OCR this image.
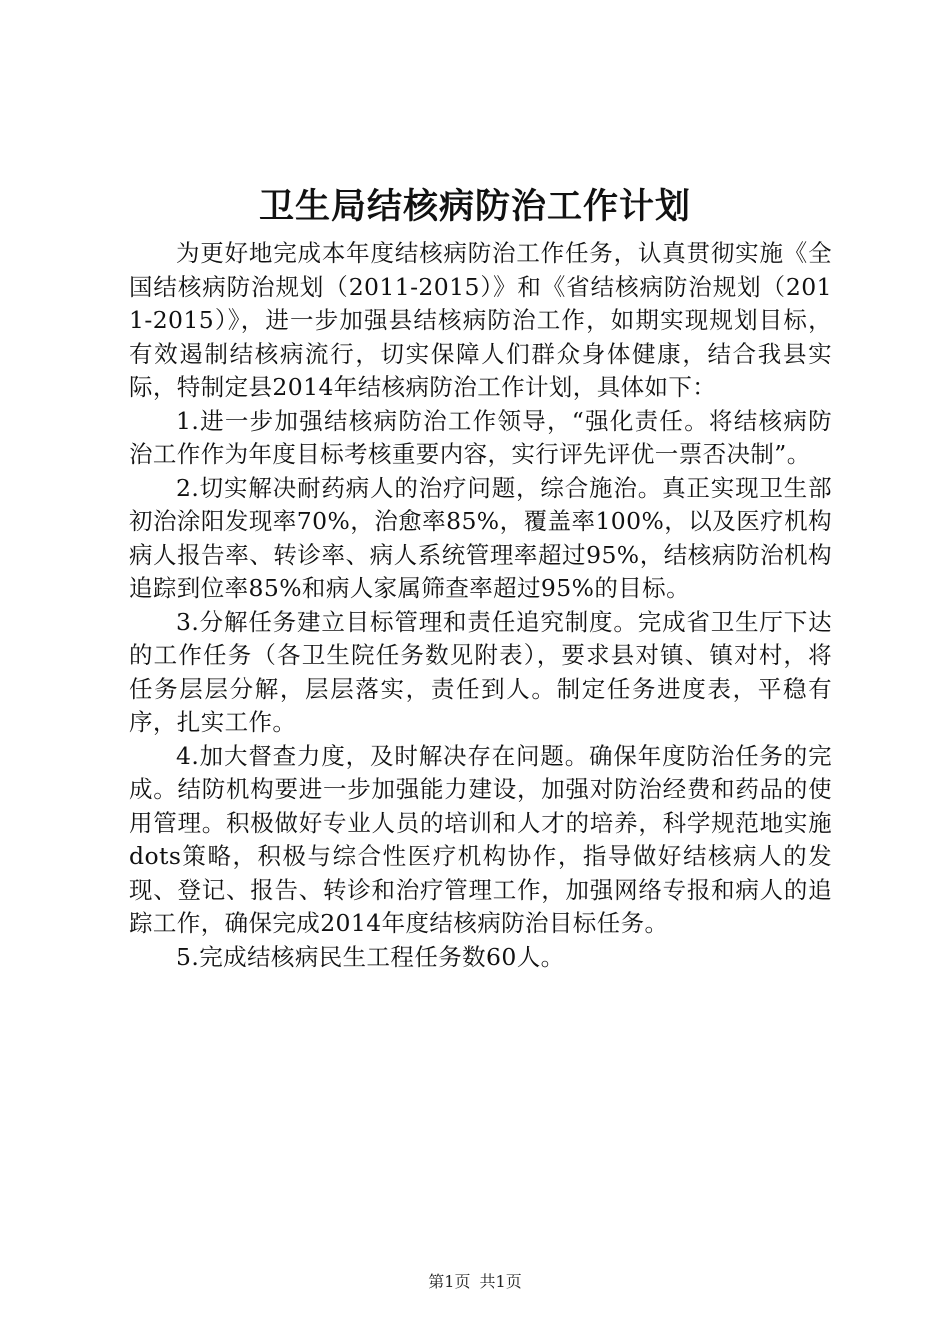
卫生局结核病防治工作计划

为更好地完成本年度结核病防治工作任务，认真贯彻实施《全国结核病防治规划（2011-2015）》和《省结核病防治规划（2011-2015）》，进一步加强县结核病防治工作，如期实现规划目标，有效遏制结核病流行，切实保障人们群众身体健康，结合我县实际，特制定县2014年结核病防治工作计划，具体如下：

1.进一步加强结核病防治工作领导，“强化责任。将结核病防治工作作为年度目标考核重要内容，实行评先评优一票否决制”。

2.切实解决耐药病人的治疗问题，综合施治。真正实现卫生部初治涂阳发现率70%，治愈率85%，覆盖率100%，以及医疗机构病人报告率、转诊率、病人系统管理率超过95%，结核病防治机构追踪到位率85%和病人家属筛查率超过95%的目标。

3.分解任务建立目标管理和责任追究制度。完成省卫生厅下达的工作任务（各卫生院任务数见附表），要求县对镇、镇对村，将任务层层分解，层层落实，责任到人。制定任务进度表，平稳有序，扎实工作。

4.加大督查力度，及时解决存在问题。确保年度防治任务的完成。结防机构要进一步加强能力建设，加强对防治经费和药品的使用管理。积极做好专业人员的培训和人才的培养，科学规范地实施dots策略，积极与综合性医疗机构协作，指导做好结核病人的发现、登记、报告、转诊和治疗管理工作，加强网络专报和病人的追踪工作，确保完成2014年度结核病防治目标任务。

5.完成结核病民生工程任务数60人。

第1页 共1页
